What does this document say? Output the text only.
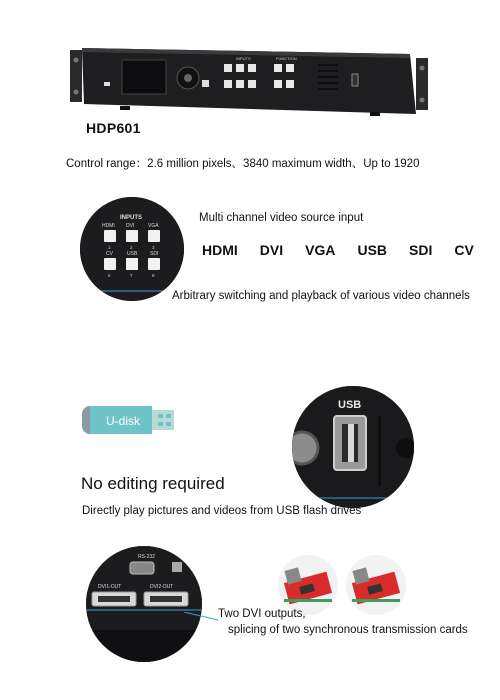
INPUTS	FUNCTION
HDP601
Control range：2.6 million pixels、3840 maximum width、Up to 1920
INPUTS
HDMI DVI	VGA
CV	USB	SDI
1	2	3
6	7	8
Multi channel video source input
HDMI DVI VGA USB SDI CV
Arbitrary switching and playback of various video channels
U-disk
USB
No editing required
Directly play pictures and videos from USB flash drives
RS-232
DVI1-OUT	DVI2-OUT
Two DVI outputs,
splicing of two synchronous transmission cards
